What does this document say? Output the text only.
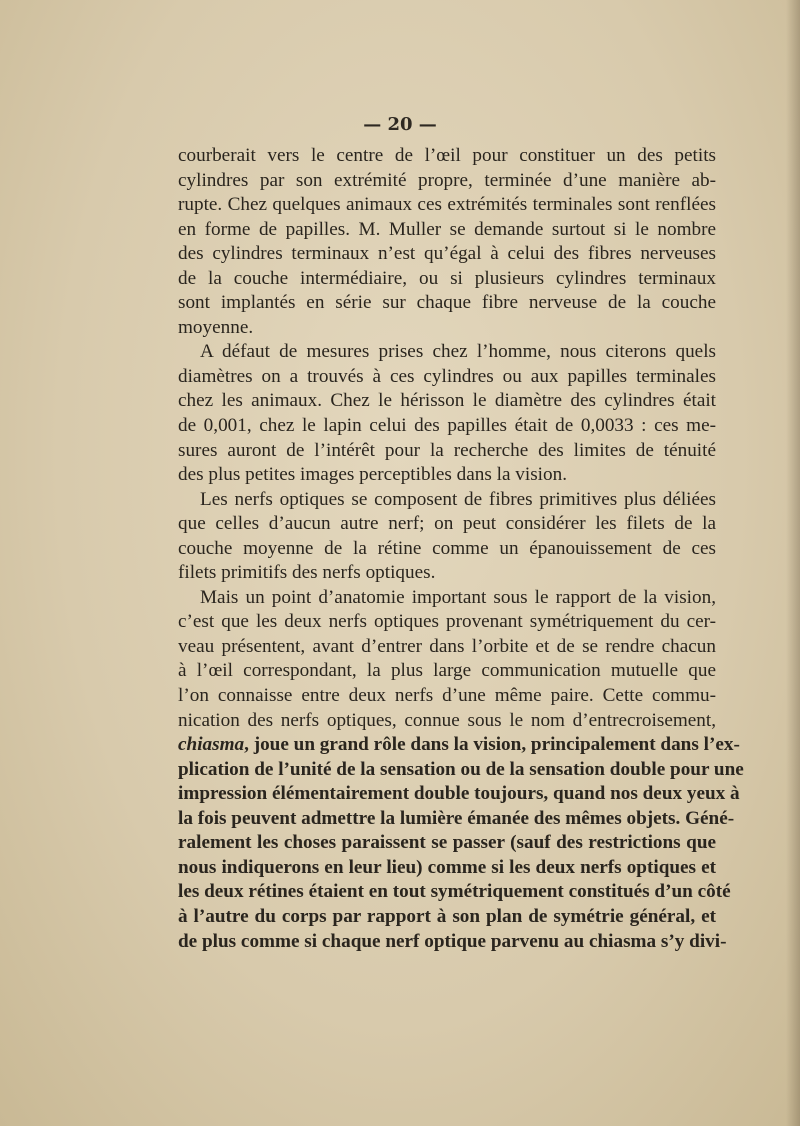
— 20 —
courberait vers le centre de l’œil pour constituer un des petits
cylindres par son extrémité propre, terminée d’une manière ab-
rupte. Chez quelques animaux ces extrémités terminales sont renflées
en forme de papilles. M. Muller se demande surtout si le nombre
des cylindres terminaux n’est qu’égal à celui des fibres nerveuses
de la couche intermédiaire, ou si plusieurs cylindres terminaux
sont implantés en série sur chaque fibre nerveuse de la couche
moyenne.
A défaut de mesures prises chez l’homme, nous citerons quels
diamètres on a trouvés à ces cylindres ou aux papilles terminales
chez les animaux. Chez le hérisson le diamètre des cylindres était
de 0,001, chez le lapin celui des papilles était de 0,0033 : ces me-
sures auront de l’intérêt pour la recherche des limites de ténuité
des plus petites images perceptibles dans la vision.
Les nerfs optiques se composent de fibres primitives plus déliées
que celles d’aucun autre nerf; on peut considérer les filets de la
couche moyenne de la rétine comme un épanouissement de ces
filets primitifs des nerfs optiques.
Mais un point d’anatomie important sous le rapport de la vision,
c’est que les deux nerfs optiques provenant symétriquement du cer-
veau présentent, avant d’entrer dans l’orbite et de se rendre chacun
à l’œil correspondant, la plus large communication mutuelle que
l’on connaisse entre deux nerfs d’une même paire. Cette commu-
nication des nerfs optiques, connue sous le nom d’entrecroisement,
chiasma, joue un grand rôle dans la vision, principalement dans l’ex-
plication de l’unité de la sensation ou de la sensation double pour une
impression élémentairement double toujours, quand nos deux yeux à
la fois peuvent admettre la lumière émanée des mêmes objets. Géné-
ralement les choses paraissent se passer (sauf des restrictions que
nous indiquerons en leur lieu) comme si les deux nerfs optiques et
les deux rétines étaient en tout symétriquement constitués d’un côté
à l’autre du corps par rapport à son plan de symétrie général, et
de plus comme si chaque nerf optique parvenu au chiasma s’y divi-
